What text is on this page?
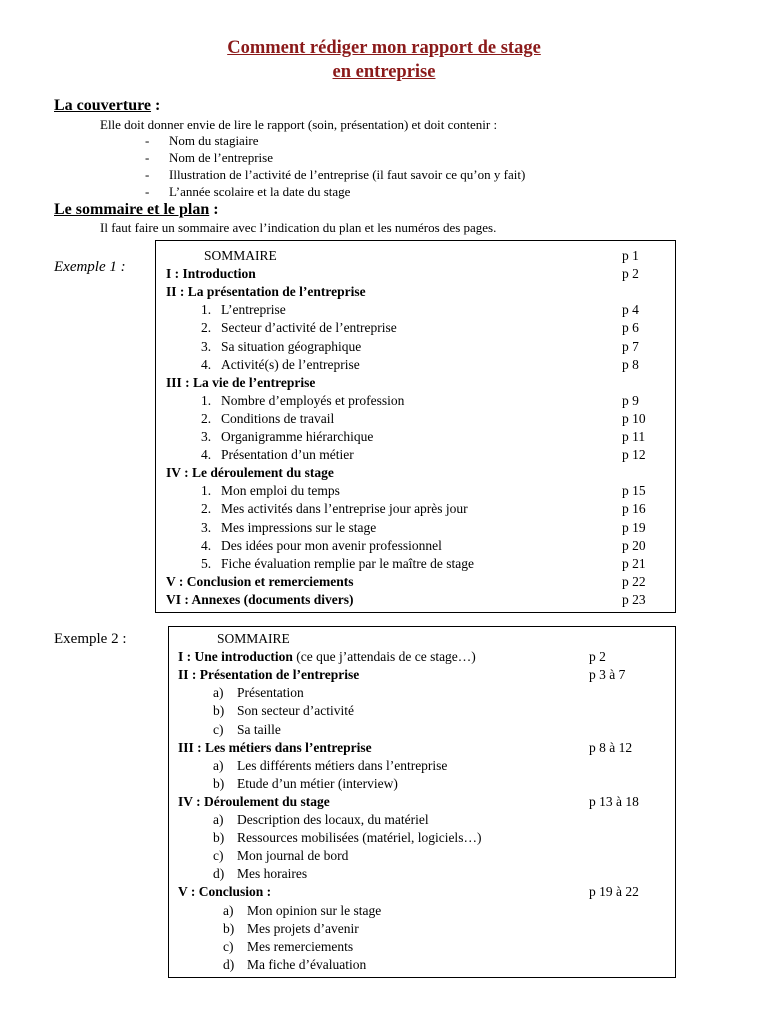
Comment rédiger mon rapport de stage
en entreprise
La couverture :
Elle doit donner envie de lire le rapport (soin, présentation) et doit contenir :
- Nom du stagiaire
- Nom de l’entreprise
- Illustration de l’activité de l’entreprise (il faut savoir ce qu’on y fait)
- L’année scolaire et la date du stage
Le sommaire et le plan :
Il faut faire un sommaire avec l’indication du plan et les numéros des pages.
Exemple 1 :
SOMMAIRE	p 1
I : Introduction	p 2
II : La présentation de l’entreprise
1. L’entreprise	p 4
2. Secteur d’activité de l’entreprise	p 6
3. Sa situation géographique	p 7
4. Activité(s) de l’entreprise	p 8
III : La vie de l’entreprise
1. Nombre d’employés et profession	p 9
2. Conditions de travail	p 10
3. Organigramme hiérarchique	p 11
4. Présentation d’un métier	p 12
IV : Le déroulement du stage
1. Mon emploi du temps	p 15
2. Mes activités dans l’entreprise jour après jour	p 16
3. Mes impressions sur le stage	p 19
4. Des idées pour mon avenir professionnel	p 20
5. Fiche évaluation remplie par le maître de stage	p 21
V : Conclusion et remerciements	p 22
VI : Annexes (documents divers)	p 23
Exemple 2 :	SOMMAIRE
I : Une introduction (ce que j’attendais de ce stage…)	p 2
II : Présentation de l’entreprise	p 3 à 7
a) Présentation
b) Son secteur d’activité
c) Sa taille
III : Les métiers dans l’entreprise	p 8 à 12
a) Les différents métiers dans l’entreprise
b) Etude d’un métier (interview)
IV : Déroulement du stage	p 13 à 18
a) Description des locaux, du matériel
b) Ressources mobilisées (matériel, logiciels…)
c) Mon journal de bord
d) Mes horaires
V : Conclusion :	p 19 à 22
a) Mon opinion sur le stage
b) Mes projets d’avenir
c) Mes remerciements
d) Ma fiche d’évaluation
